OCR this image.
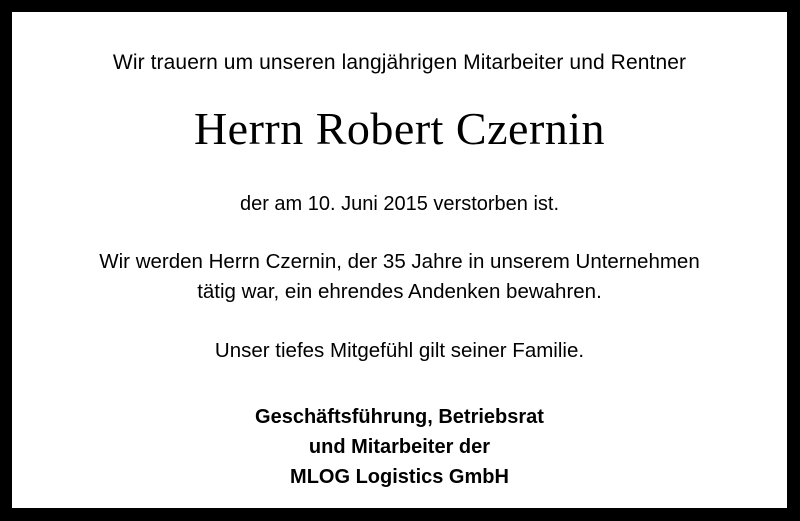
Wir trauern um unseren langjährigen Mitarbeiter und Rentner

Herrn Robert Czernin

der am 10. Juni 2015 verstorben ist.

Wir werden Herrn Czernin, der 35 Jahre in unserem Unternehmen
tätig war, ein ehrendes Andenken bewahren.

Unser tiefes Mitgefühl gilt seiner Familie.

Geschäftsführung, Betriebsrat
und Mitarbeiter der
MLOG Logistics GmbH
